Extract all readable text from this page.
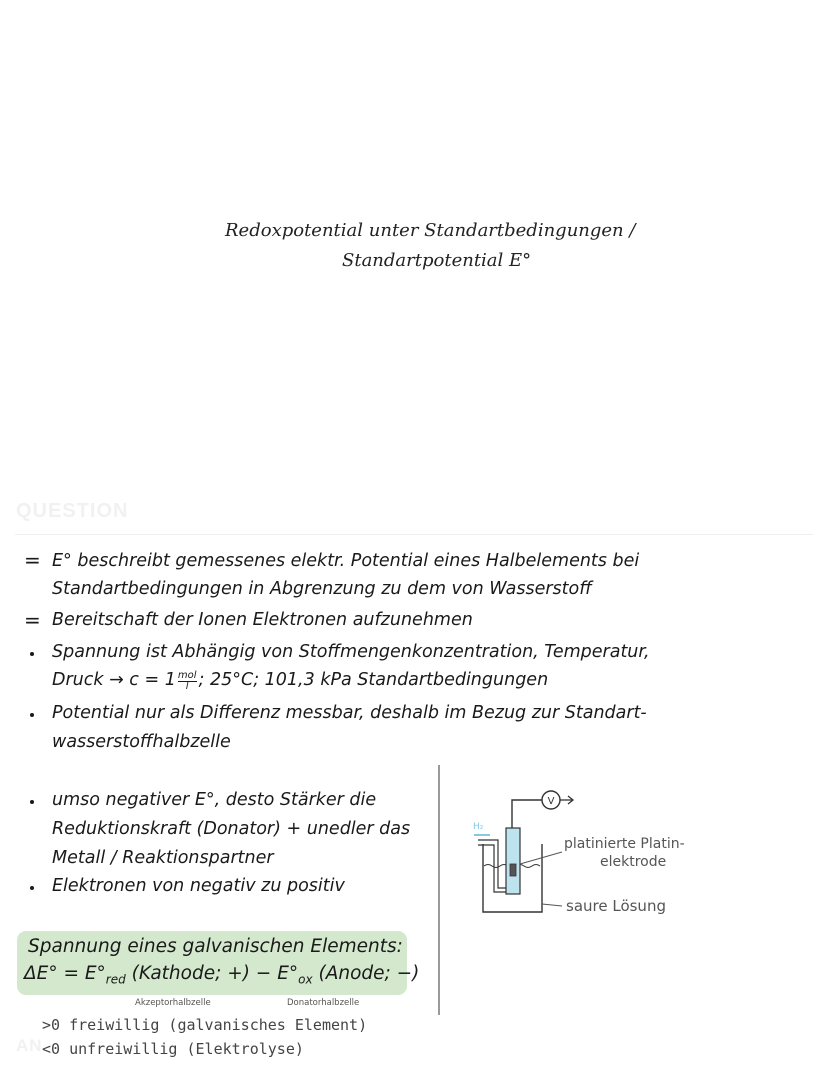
Redoxpotential unter Standartbedingungen /
Standartpotential E°
QUESTION
= E° beschreibt gemessenes elektr. Potential eines Halbelements bei
Standartbedingungen in Abgrenzung zu dem von Wasserstoff
= Bereitschaft der Ionen Elektronen aufzunehmen
Spannung ist Abhängig von Stoffmengenkonzentration, Temperatur,
Druck → c = 1 mol
l ; 25°C; 101,3 kPa Standartbedingungen
Potential nur als Differenz messbar, deshalb im Bezug zur Standart-
wasserstoffhalbzelle
umso negativer E°, desto Stärker die
Reduktionskraft (Donator) + unedler das
Metall / Reaktionspartner
Elektronen von negativ zu positiv
Spannung eines galvanischen Elements:
$\Delta E^\circ = E^\circ_{red}$ (Kathode; +) − $E^\circ_{ox}$ (Anode; −)
Akzeptorhalbzelle	Donatorhalbzelle
>0 freiwillig (galvanisches Element)
AN <0 unfreiwillig (Elektrolyse)
V
H₂
platinierte Platin-
elektrode
saure Lösung
